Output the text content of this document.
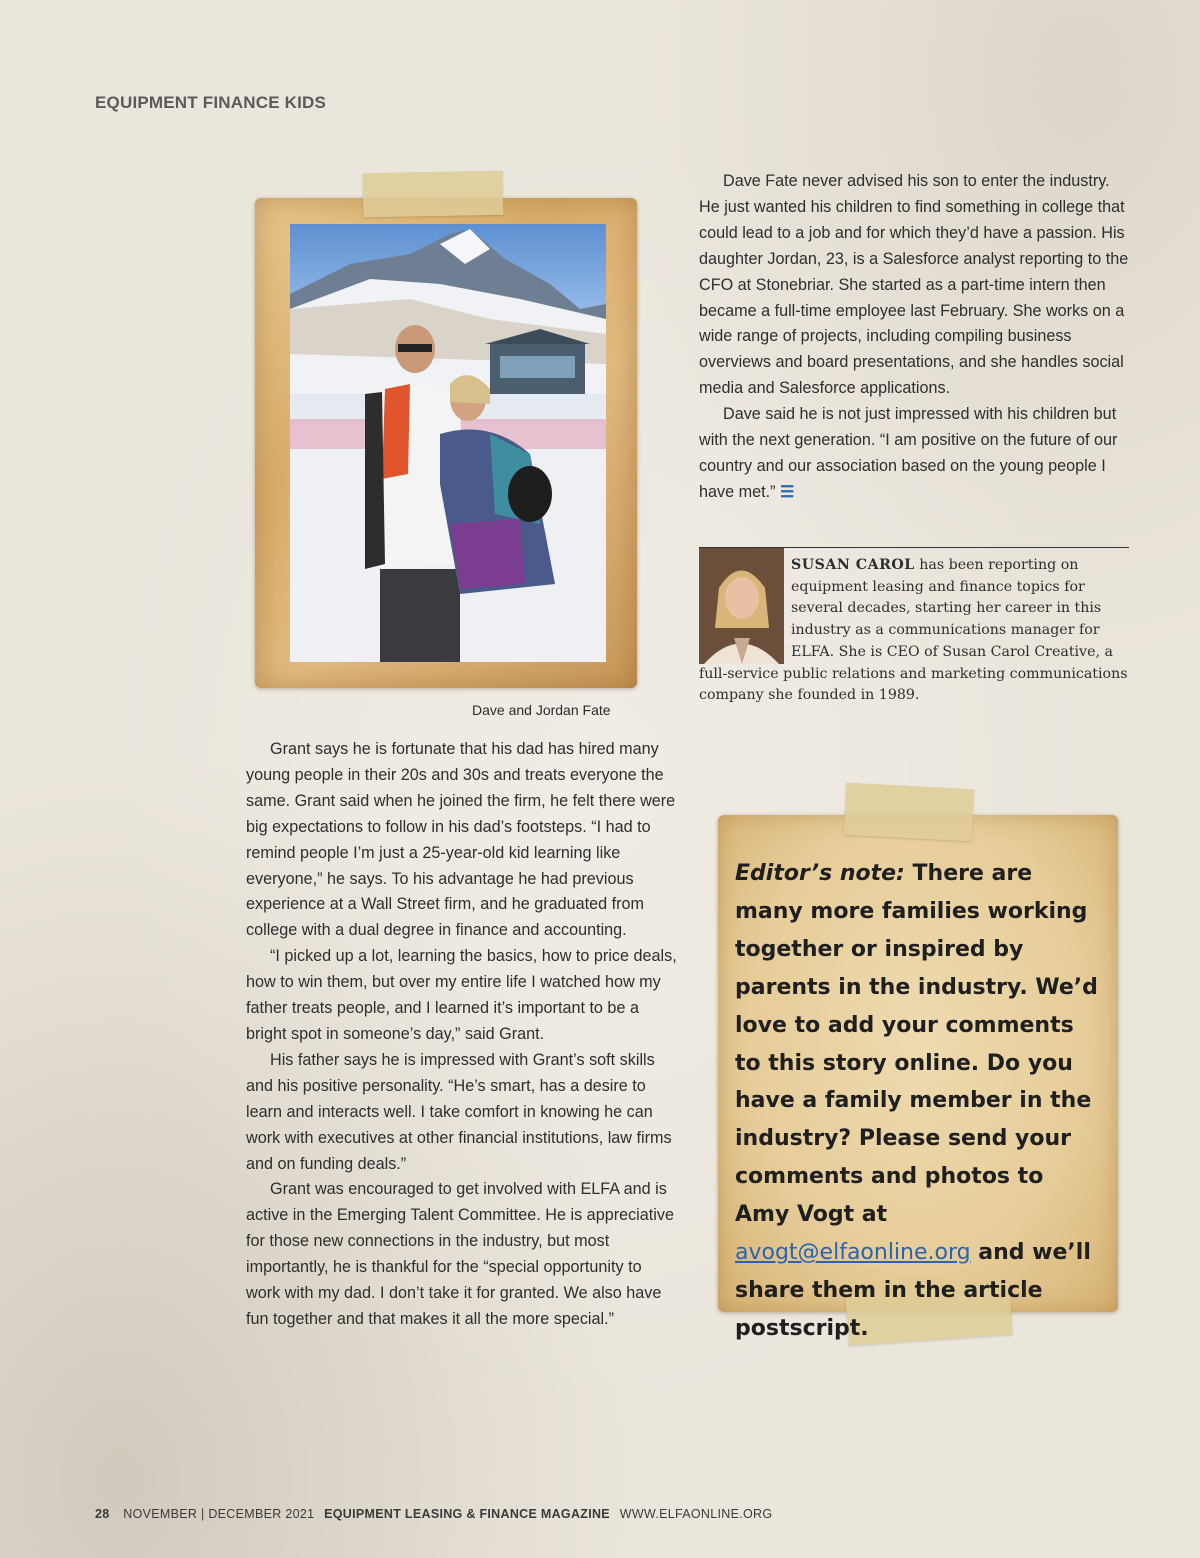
EQUIPMENT FINANCE KIDS
Dave and Jordan Fate

Dave Fate never advised his son to enter the industry. He just wanted his children to find something in college that could lead to a job and for which they’d have a passion. His daughter Jordan, 23, is a Salesforce analyst reporting to the CFO at Stonebriar. She started as a part-time intern then became a full-time employee last February. She works on a wide range of projects, including compiling business overviews and board presentations, and she handles social media and Salesforce applications.

Dave said he is not just impressed with his children but with the next generation. “I am positive on the future of our country and our association based on the young people I have met.” ☰

SUSAN CAROL has been reporting on equipment leasing and finance topics for several decades, starting her career in this industry as a communications manager for ELFA. She is CEO of Susan Carol Creative, a full-service public relations and marketing communications company she founded in 1989.

Grant says he is fortunate that his dad has hired many young people in their 20s and 30s and treats everyone the same. Grant said when he joined the firm, he felt there were big expectations to follow in his dad’s footsteps. “I had to remind people I’m just a 25-year-old kid learning like everyone,” he says. To his advantage he had previous experience at a Wall Street firm, and he graduated from college with a dual degree in finance and accounting.

“I picked up a lot, learning the basics, how to price deals, how to win them, but over my entire life I watched how my father treats people, and I learned it’s important to be a bright spot in someone’s day,” said Grant.

His father says he is impressed with Grant’s soft skills and his positive personality. “He’s smart, has a desire to learn and interacts well. I take comfort in knowing he can work with executives at other financial institutions, law firms and on funding deals.”

Grant was encouraged to get involved with ELFA and is active in the Emerging Talent Committee. He is appreciative for those new connections in the industry, but most importantly, he is thankful for the “special opportunity to work with my dad. I don’t take it for granted. We also have fun together and that makes it all the more special.”

Editor’s note: There are many more families working together or inspired by parents in the industry. We’d love to add your comments to this story online. Do you have a family member in the industry? Please send your comments and photos to Amy Vogt at avogt@elfaonline.org and we’ll share them in the article postscript.
28 NOVEMBER | DECEMBER 2021 EQUIPMENT LEASING & FINANCE MAGAZINE WWW.ELFAONLINE.ORG
